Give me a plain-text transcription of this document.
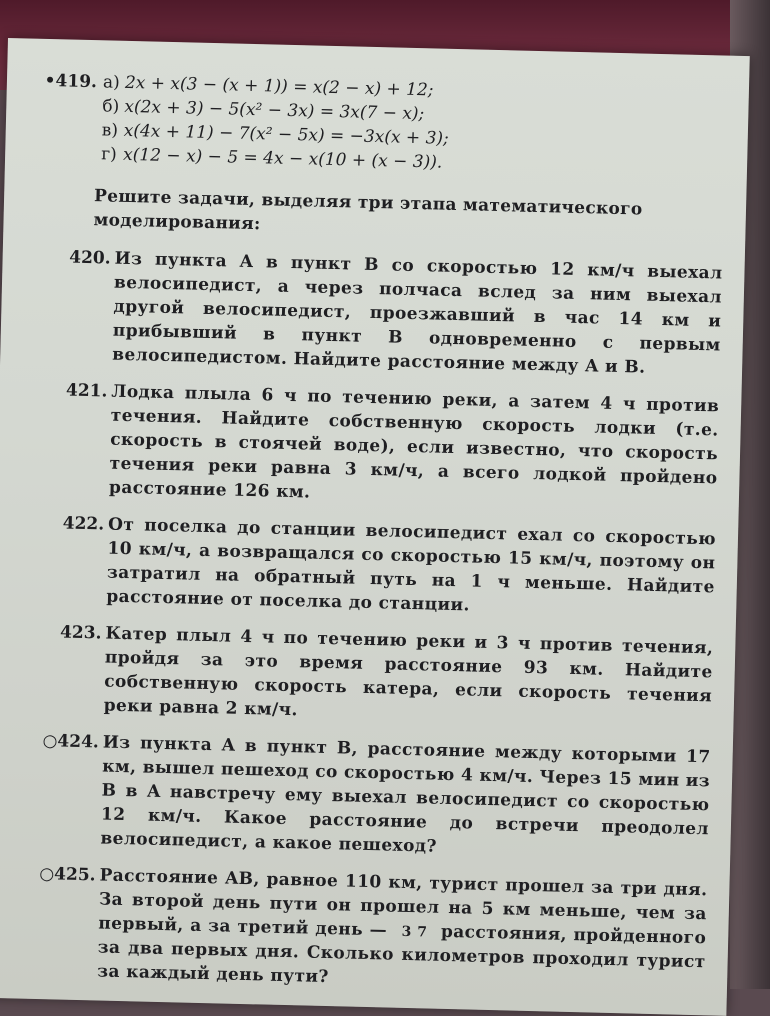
•419. а) 2x + x(3 − (x + 1)) = x(2 − x) + 12;
б) x(2x + 3) − 5(x² − 3x) = 3x(7 − x);
в) x(4x + 11) − 7(x² − 5x) = −3x(x + 3);
г) x(12 − x) − 5 = 4x − x(10 + (x − 3)).
Решите задачи, выделяя три этапа математического моделирования:
420. Из пункта A в пункт B со скоростью 12 км/ч выехал велосипедист, а через полчаса вслед за ним выехал другой велосипедист, проезжавший в час 14 км и прибывший в пункт B одновременно с первым велосипедистом. Найдите расстояние между A и B.
421. Лодка плыла 6 ч по течению реки, а затем 4 ч против течения. Найдите собственную скорость лодки (т.е. скорость в стоячей воде), если известно, что скорость течения реки равна 3 км/ч, а всего лодкой пройдено расстояние 126 км.
422. От поселка до станции велосипедист ехал со скоростью 10 км/ч, а возвращался со скоростью 15 км/ч, поэтому он затратил на обратный путь на 1 ч меньше. Найдите расстояние от поселка до станции.
423. Катер плыл 4 ч по течению реки и 3 ч против течения, пройдя за это время расстояние 93 км. Найдите собственную скорость катера, если скорость течения реки равна 2 км/ч.
○424. Из пункта A в пункт B, расстояние между которыми 17 км, вышел пешеход со скоростью 4 км/ч. Через 15 мин из B в A навстречу ему выехал велосипедист со скоростью 12 км/ч. Какое расстояние до встречи преодолел велосипедист, а какое пешеход?
○425. Расстояние AB, равное 110 км, турист прошел за три дня. За второй день пути он прошел на 5 км меньше, чем за первый, а за третий день — 3 7 расстояния, пройденного за два первых дня. Сколько километров проходил турист за каждый день пути?
